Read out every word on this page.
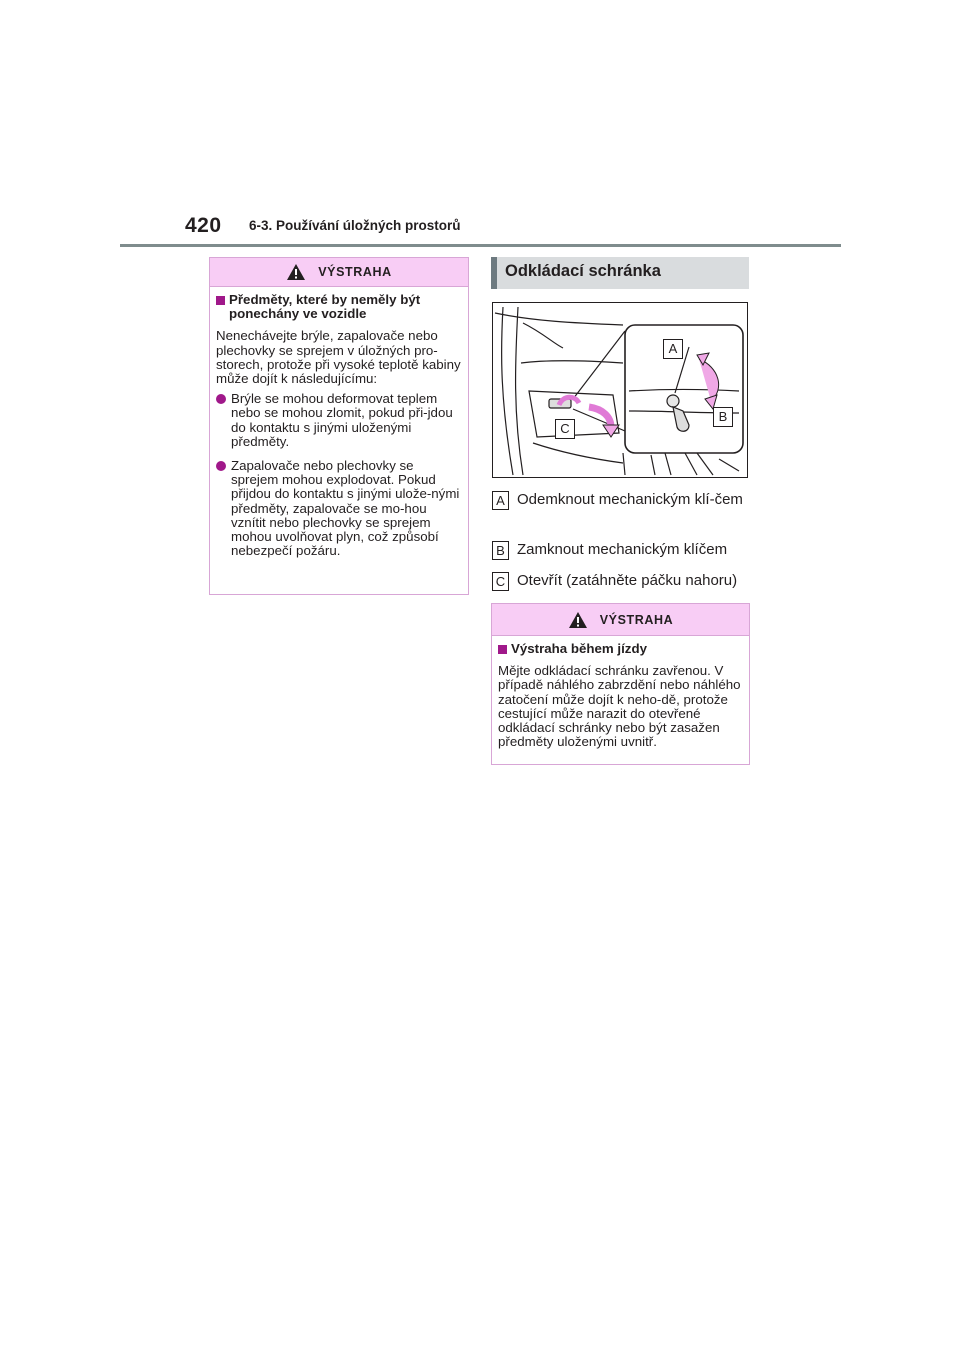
420 6-3. Používání úložných prostorů
VÝSTRAHA
Předměty, které by neměly být ponechány ve vozidle
Nenechávejte brýle, zapalovače nebo plechovky se sprejem v úložných pro-storech, protože při vysoké teplotě kabiny může dojít k následujícímu:
Brýle se mohou deformovat teplem nebo se mohou zlomit, pokud při-jdou do kontaktu s jinými uloženými předměty.
Zapalovače nebo plechovky se sprejem mohou explodovat. Pokud přijdou do kontaktu s jinými ulože-nými předměty, zapalovače se mo-hou vznítit nebo plechovky se sprejem mohou uvolňovat plyn, což způsobí nebezpečí požáru.
Odkládací schránka
A
B
C
A Odemknout mechanickým klí-čem
B Zamknout mechanickým klíčem
C Otevřít (zatáhněte páčku nahoru)
VÝSTRAHA
Výstraha během jízdy
Mějte odkládací schránku zavřenou. V případě náhlého zabrzdění nebo náhlého zatočení může dojít k neho-dě, protože cestující může narazit do otevřené odkládací schránky nebo být zasažen předměty uloženými uvnitř.
